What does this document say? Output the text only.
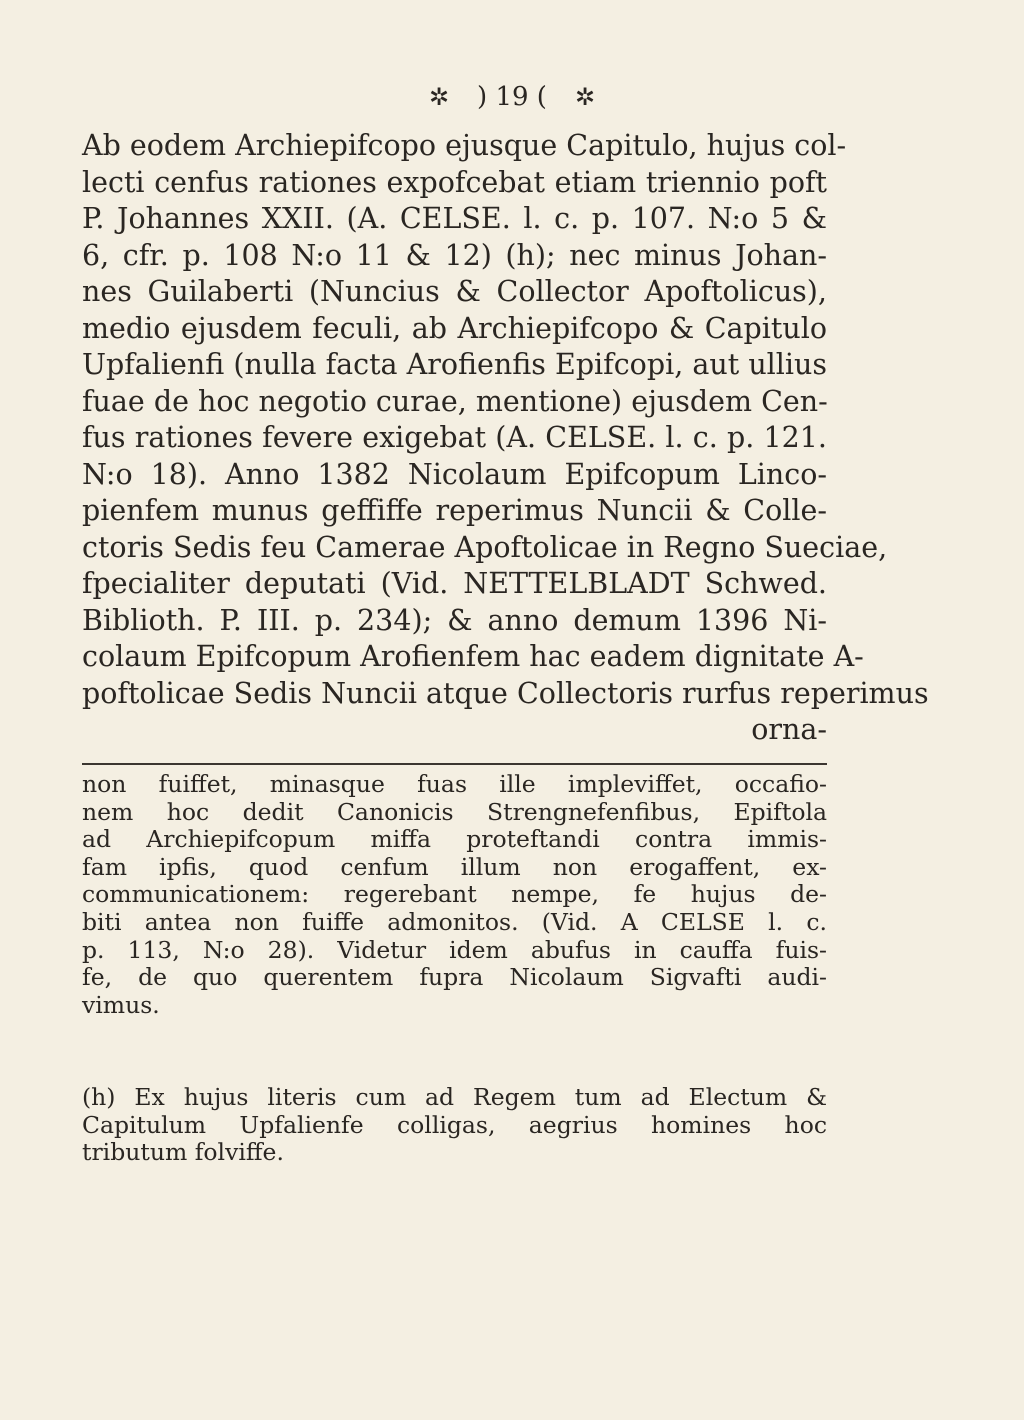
✲ ) 19 ( ✲
Ab eodem Archiepifcopo ejusque Capitulo, hujus col-
lecti cenfus rationes expofcebat etiam triennio poft
P. Johannes XXII. (A. CELSE. l. c. p. 107. N:o 5 &
6, cfr. p. 108 N:o 11 & 12) (h); nec minus Johan-
nes Guilaberti (Nuncius & Collector Apoftolicus),
medio ejusdem feculi, ab Archiepifcopo & Capitulo
Upfalienfi (nulla facta Arofienfis Epifcopi, aut ullius
fuae de hoc negotio curae, mentione) ejusdem Cen-
fus rationes fevere exigebat (A. CELSE. l. c. p. 121.
N:o 18). Anno 1382 Nicolaum Epifcopum Linco-
pienfem munus geffiffe reperimus Nuncii & Colle-
ctoris Sedis feu Camerae Apoftolicae in Regno Sueciae,
fpecialiter deputati (Vid. NETTELBLADT Schwed.
Biblioth. P. III. p. 234); & anno demum 1396 Ni-
colaum Epifcopum Arofienfem hac eadem dignitate A-
poftolicae Sedis Nuncii atque Collectoris rurfus reperimus
orna-
non fuiffet, minasque fuas ille impleviffet, occafio-
nem hoc dedit Canonicis Strengnefenfibus, Epiftola
ad Archiepifcopum miffa proteftandi contra immis-
fam ipfis, quod cenfum illum non erogaffent, ex-
communicationem: regerebant nempe, fe hujus de-
biti antea non fuiffe admonitos. (Vid. A CELSE l. c.
p. 113, N:o 28). Videtur idem abufus in cauffa fuis-
fe, de quo querentem fupra Nicolaum Sigvafti audi-
vimus.
(h) Ex hujus literis cum ad Regem tum ad Electum &
Capitulum Upfalienfe colligas, aegrius homines hoc
tributum folviffe.
